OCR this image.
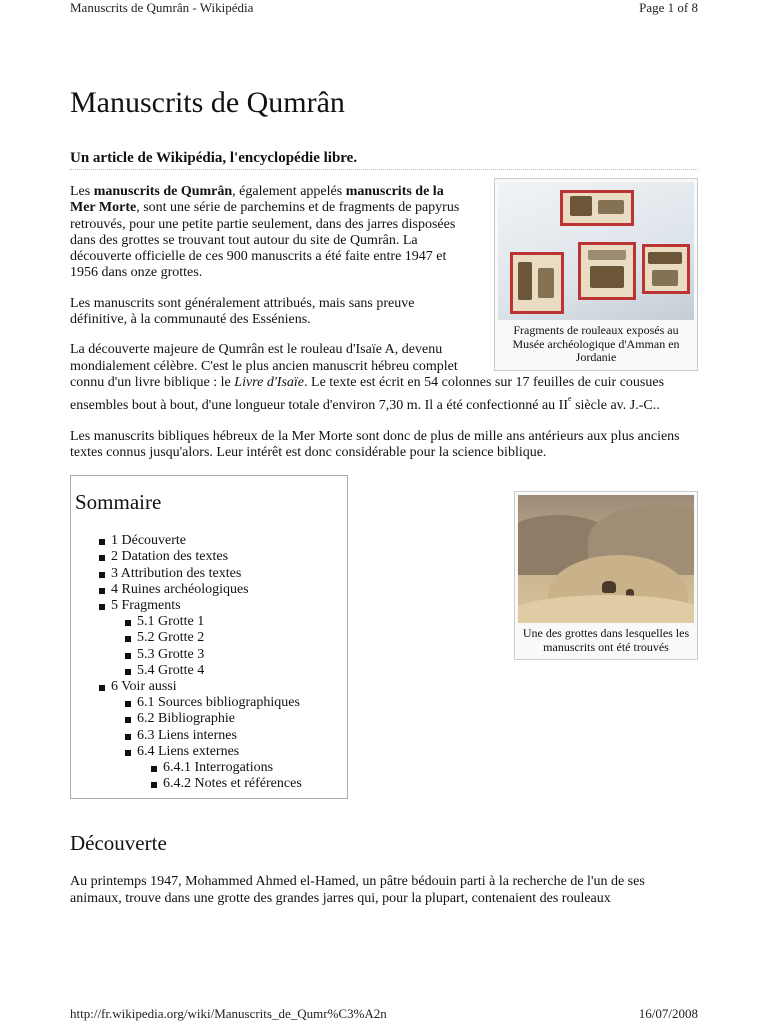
Manuscrits de Qumrân - Wikipédia	Page 1 of 8
Manuscrits de Qumrân
Un article de Wikipédia, l'encyclopédie libre.
Fragments de rouleaux exposés au Musée archéologique d'Amman en Jordanie

Les manuscrits de Qumrân, également appelés manuscrits de la Mer Morte, sont une série de parchemins et de fragments de papyrus retrouvés, pour une petite partie seulement, dans des jarres disposées dans des grottes se trouvant tout autour du site de Qumrân. La découverte officielle de ces 900 manuscrits a été faite entre 1947 et 1956 dans onze grottes.

Les manuscrits sont généralement attribués, mais sans preuve définitive, à la communauté des Esséniens.

La découverte majeure de Qumrân est le rouleau d'Isaïe A, devenu mondialement célèbre. C'est le plus ancien manuscrit hébreu complet connu d'un livre biblique : le Livre d'Isaïe. Le texte est écrit en 54 colonnes sur 17 feuilles de cuir cousues ensembles bout à bout, d'une longueur totale d'environ 7,30 m. Il a été confectionné au IIe siècle av. J.-C..

Les manuscrits bibliques hébreux de la Mer Morte sont donc de plus de mille ans antérieurs aux plus anciens textes connus jusqu'alors. Leur intérêt est donc considérable pour la science biblique.

Une des grottes dans lesquelles les manuscrits ont été trouvés
Sommaire
1 Découverte
2 Datation des textes
3 Attribution des textes
4 Ruines archéologiques
5 Fragments
5.1 Grotte 1
5.2 Grotte 2
5.3 Grotte 3
5.4 Grotte 4
6 Voir aussi
6.1 Sources bibliographiques
6.2 Bibliographie
6.3 Liens internes
6.4 Liens externes
6.4.1 Interrogations
6.4.2 Notes et références
Découverte

Au printemps 1947, Mohammed Ahmed el-Hamed, un pâtre bédouin parti à la recherche de l'un de ses animaux, trouve dans une grotte des grandes jarres qui, pour la plupart, contenaient des rouleaux

http://fr.wikipedia.org/wiki/Manuscrits_de_Qumr%C3%A2n	16/07/2008
